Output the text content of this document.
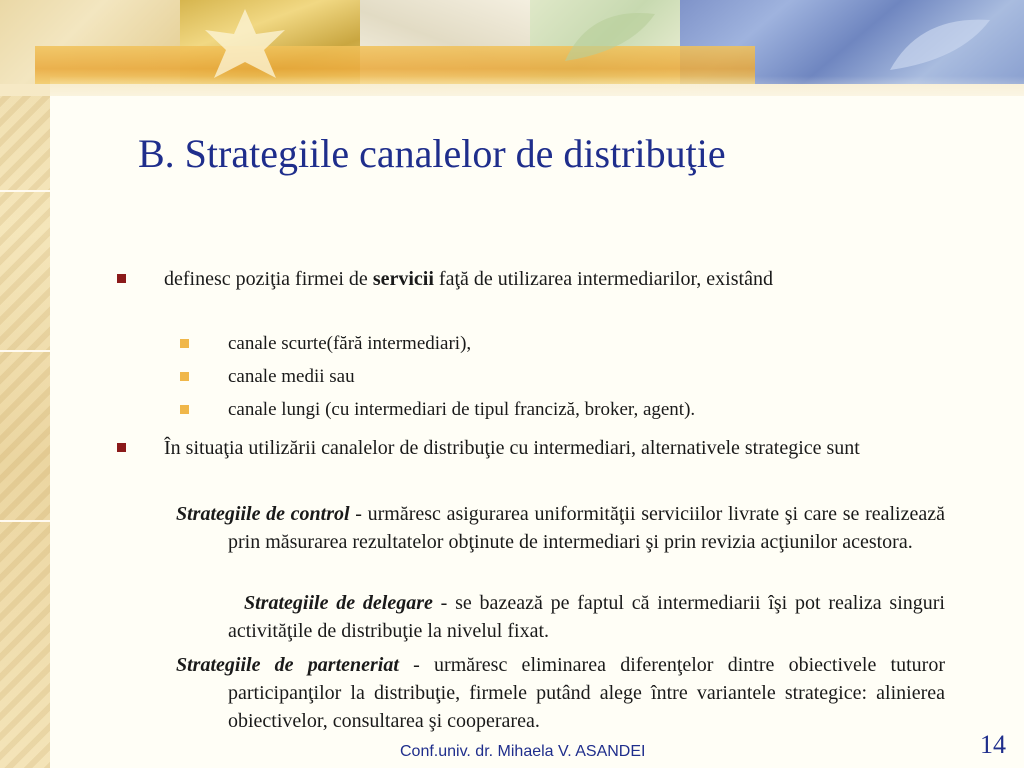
B. Strategiile canalelor de distribuţie
definesc poziţia firmei de servicii faţă de utilizarea intermediarilor, existând
canale scurte(fără intermediari),
canale medii sau
canale lungi (cu intermediari de tipul franciză, broker, agent).
În situaţia utilizării canalelor de distribuţie cu intermediari, alternativele strategice sunt
Strategiile de control - urmăresc asigurarea uniformităţii serviciilor livrate şi care se realizează prin măsurarea rezultatelor obţinute de intermediari şi prin revizia acţiunilor acestora.
Strategiile de delegare - se bazează pe faptul că intermediarii îşi pot realiza singuri activităţile de distribuţie la nivelul fixat.
Strategiile de parteneriat - urmăresc eliminarea diferenţelor dintre obiectivele tuturor participanţilor la distribuţie, firmele putând alege între variantele strategice: alinierea obiectivelor, consultarea şi cooperarea.
Conf.univ. dr. Mihaela V. ASANDEI	14
